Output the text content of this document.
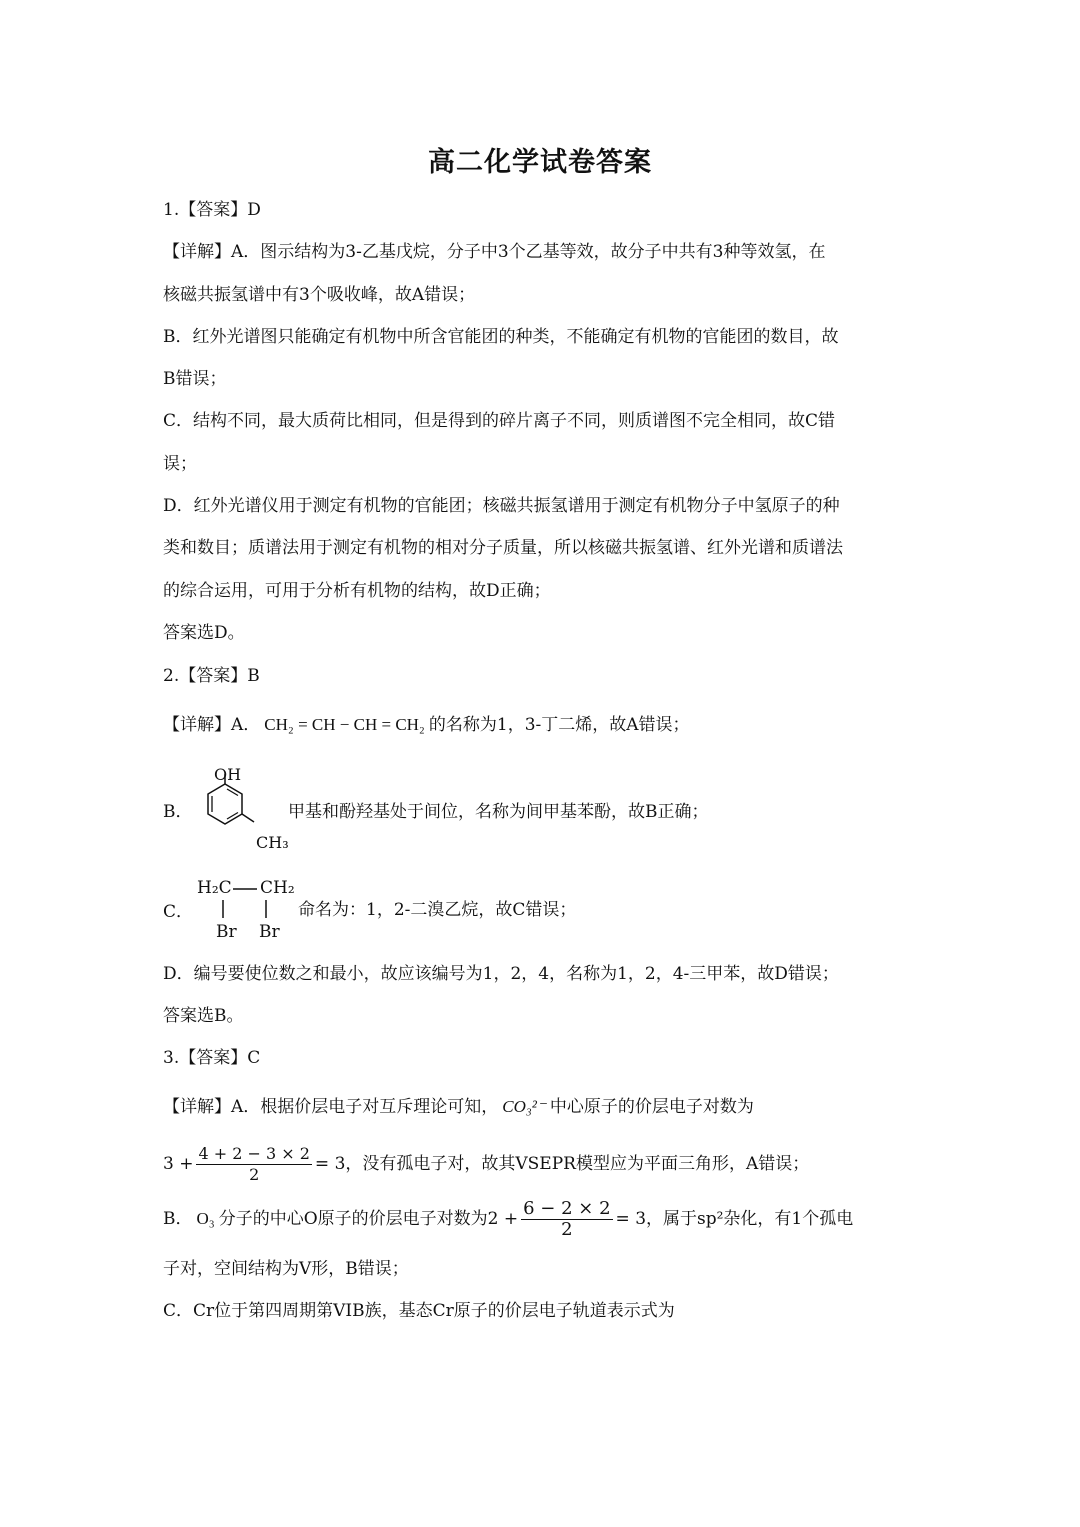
高二化学试卷答案
1.【答案】D
【详解】A．图示结构为3-乙基戊烷，分子中3个乙基等效，故分子中共有3种等效氢，在
核磁共振氢谱中有3个吸收峰，故A错误；
B．红外光谱图只能确定有机物中所含官能团的种类，不能确定有机物的官能团的数目，故
B错误；
C．结构不同，最大质荷比相同，但是得到的碎片离子不同，则质谱图不完全相同，故C错
误；
D．红外光谱仪用于测定有机物的官能团；核磁共振氢谱用于测定有机物分子中氢原子的种
类和数目；质谱法用于测定有机物的相对分子质量，所以核磁共振氢谱、红外光谱和质谱法
的综合运用，可用于分析有机物的结构，故D正确；
答案选D。
2.【答案】B
【详解】A． CH₂ = CH − CH = CH₂ 的名称为1，3-丁二烯，故A错误；
B．
OH
CH₃
甲基和酚羟基处于间位，名称为间甲基苯酚，故B正确；
C．
H₂C CH₂
Br Br
命名为：1，2-二溴乙烷，故C错误；
D．编号要使位数之和最小，故应该编号为1，2，4，名称为1，2，4-三甲苯，故D错误；
答案选B。
3.【答案】C
【详解】A．根据价层电子对互斥理论可知， CO₃²⁻ 中心原子的价层电子对数为
$3 + \frac{4 + 2 - 3 \times 2}{2} = 3$，没有孤电子对，故其VSEPR模型应为平面三角形，A错误；
B． O₃ 分子的中心O原子的价层电子对数为$2 + \frac{6 - 2 \times 2}{2} = 3$，属于sp²杂化，有1个孤电
子对，空间结构为V形，B错误；
C．Cr位于第四周期第VIB族，基态Cr原子的价层电子轨道表示式为
